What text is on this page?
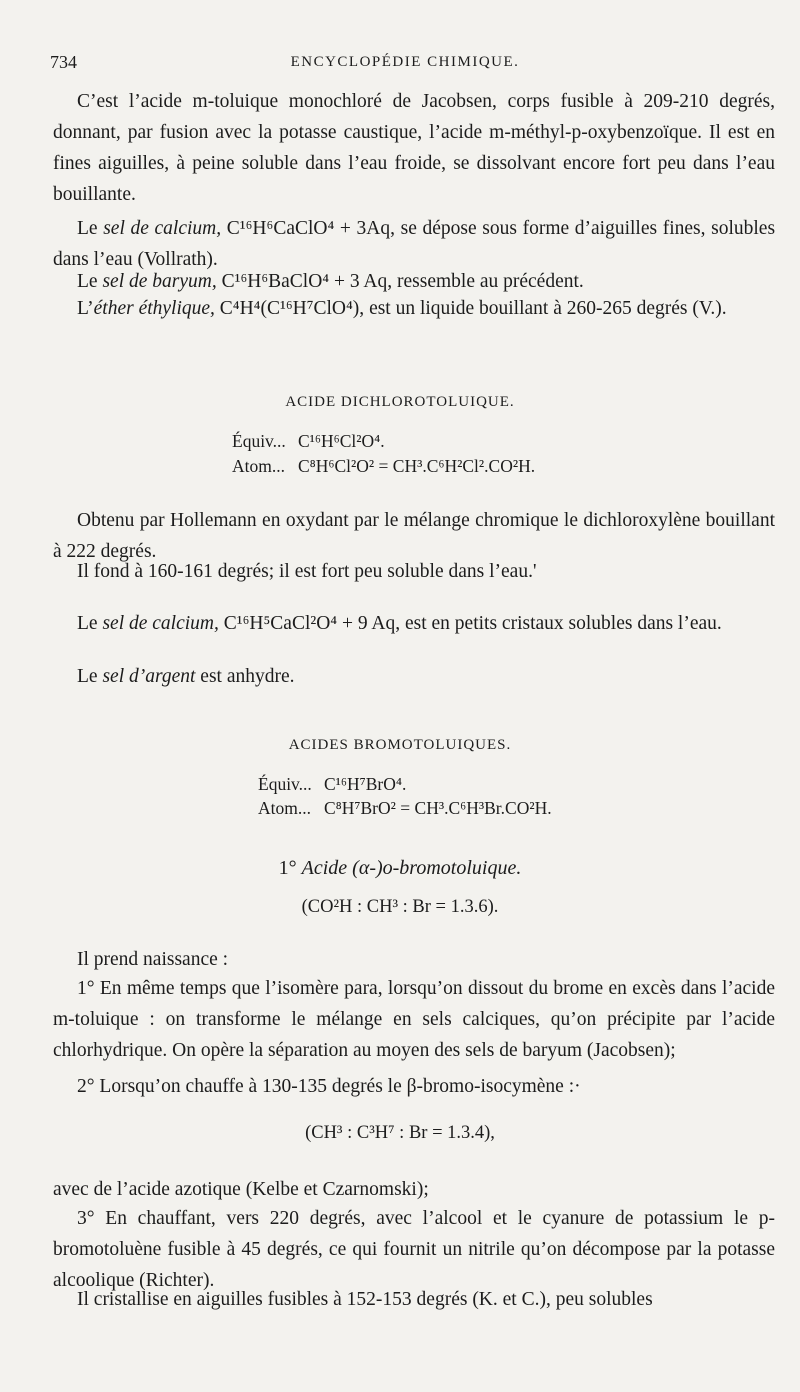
734	ENCYCLOPÉDIE CHIMIQUE.

C’est l’acide m-toluique monochloré de Jacobsen, corps fusible à 209-210 degrés, donnant, par fusion avec la potasse caustique, l’acide m-méthyl-p-oxybenzoïque. Il est en fines aiguilles, à peine soluble dans l’eau froide, se dissolvant encore fort peu dans l’eau bouillante.

Le sel de calcium, C¹⁶H⁶CaClO⁴ + 3Aq, se dépose sous forme d’aiguilles fines, solubles dans l’eau (Vollrath).

Le sel de baryum, C¹⁶H⁶BaClO⁴ + 3 Aq, ressemble au précédent.

L’éther éthylique, C⁴H⁴(C¹⁶H⁷ClO⁴), est un liquide bouillant à 260-265 degrés (V.).

ACIDE DICHLOROTOLUIQUE.

Équiv... C¹⁶H⁶Cl²O⁴.

Atom... C⁸H⁶Cl²O² = CH³.C⁶H²Cl².CO²H.

Obtenu par Hollemann en oxydant par le mélange chromique le dichloroxylène bouillant à 222 degrés.

Il fond à 160-161 degrés; il est fort peu soluble dans l’eau.'

Le sel de calcium, C¹⁶H⁵CaCl²O⁴ + 9 Aq, est en petits cristaux solubles dans l’eau.

Le sel d’argent est anhydre.

ACIDES BROMOTOLUIQUES.

Équiv... C¹⁶H⁷BrO⁴.

Atom... C⁸H⁷BrO² = CH³.C⁶H³Br.CO²H.

1° Acide (α-)o-bromotoluique.

(CO²H : CH³ : Br = 1.3.6).

Il prend naissance :

1° En même temps que l’isomère para, lorsqu’on dissout du brome en excès dans l’acide m-toluique : on transforme le mélange en sels calciques, qu’on précipite par l’acide chlorhydrique. On opère la séparation au moyen des sels de baryum (Jacobsen);

2° Lorsqu’on chauffe à 130-135 degrés le β-bromo-isocymène :·

(CH³ : C³H⁷ : Br = 1.3.4),

avec de l’acide azotique (Kelbe et Czarnomski);

3° En chauffant, vers 220 degrés, avec l’alcool et le cyanure de potassium le p-bromotoluène fusible à 45 degrés, ce qui fournit un nitrile qu’on décompose par la potasse alcoolique (Richter).

Il cristallise en aiguilles fusibles à 152-153 degrés (K. et C.), peu solubles
